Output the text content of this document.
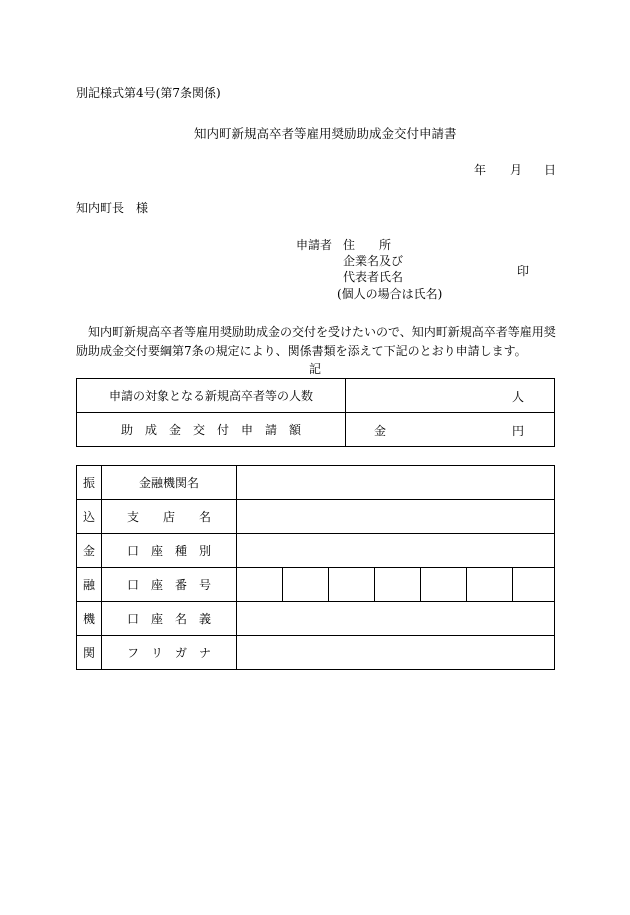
別記様式第4号(第7条関係)
知内町新規高卒者等雇用奨励助成金交付申請書
年 月 日
知内町長　様
申請者 住　　所
企業名及び
代表者氏名	印
(個人の場合は氏名)
知内町新規高卒者等雇用奨励助成金の交付を受けたいので、知内町新規高卒者等雇用奨
励助成金交付要綱第7条の規定により、関係書類を添えて下記のとおり申請します。
記
申請の対象となる新規高卒者等の人数	人

助　成　金　交　付　申　請　額	金 円
振	金融機関名							
込	支　　店　　名							
金	口　座　種　別							
融	口　座　番　号							
機	口　座　名　義							
関	フ　リ　ガ　ナ							
